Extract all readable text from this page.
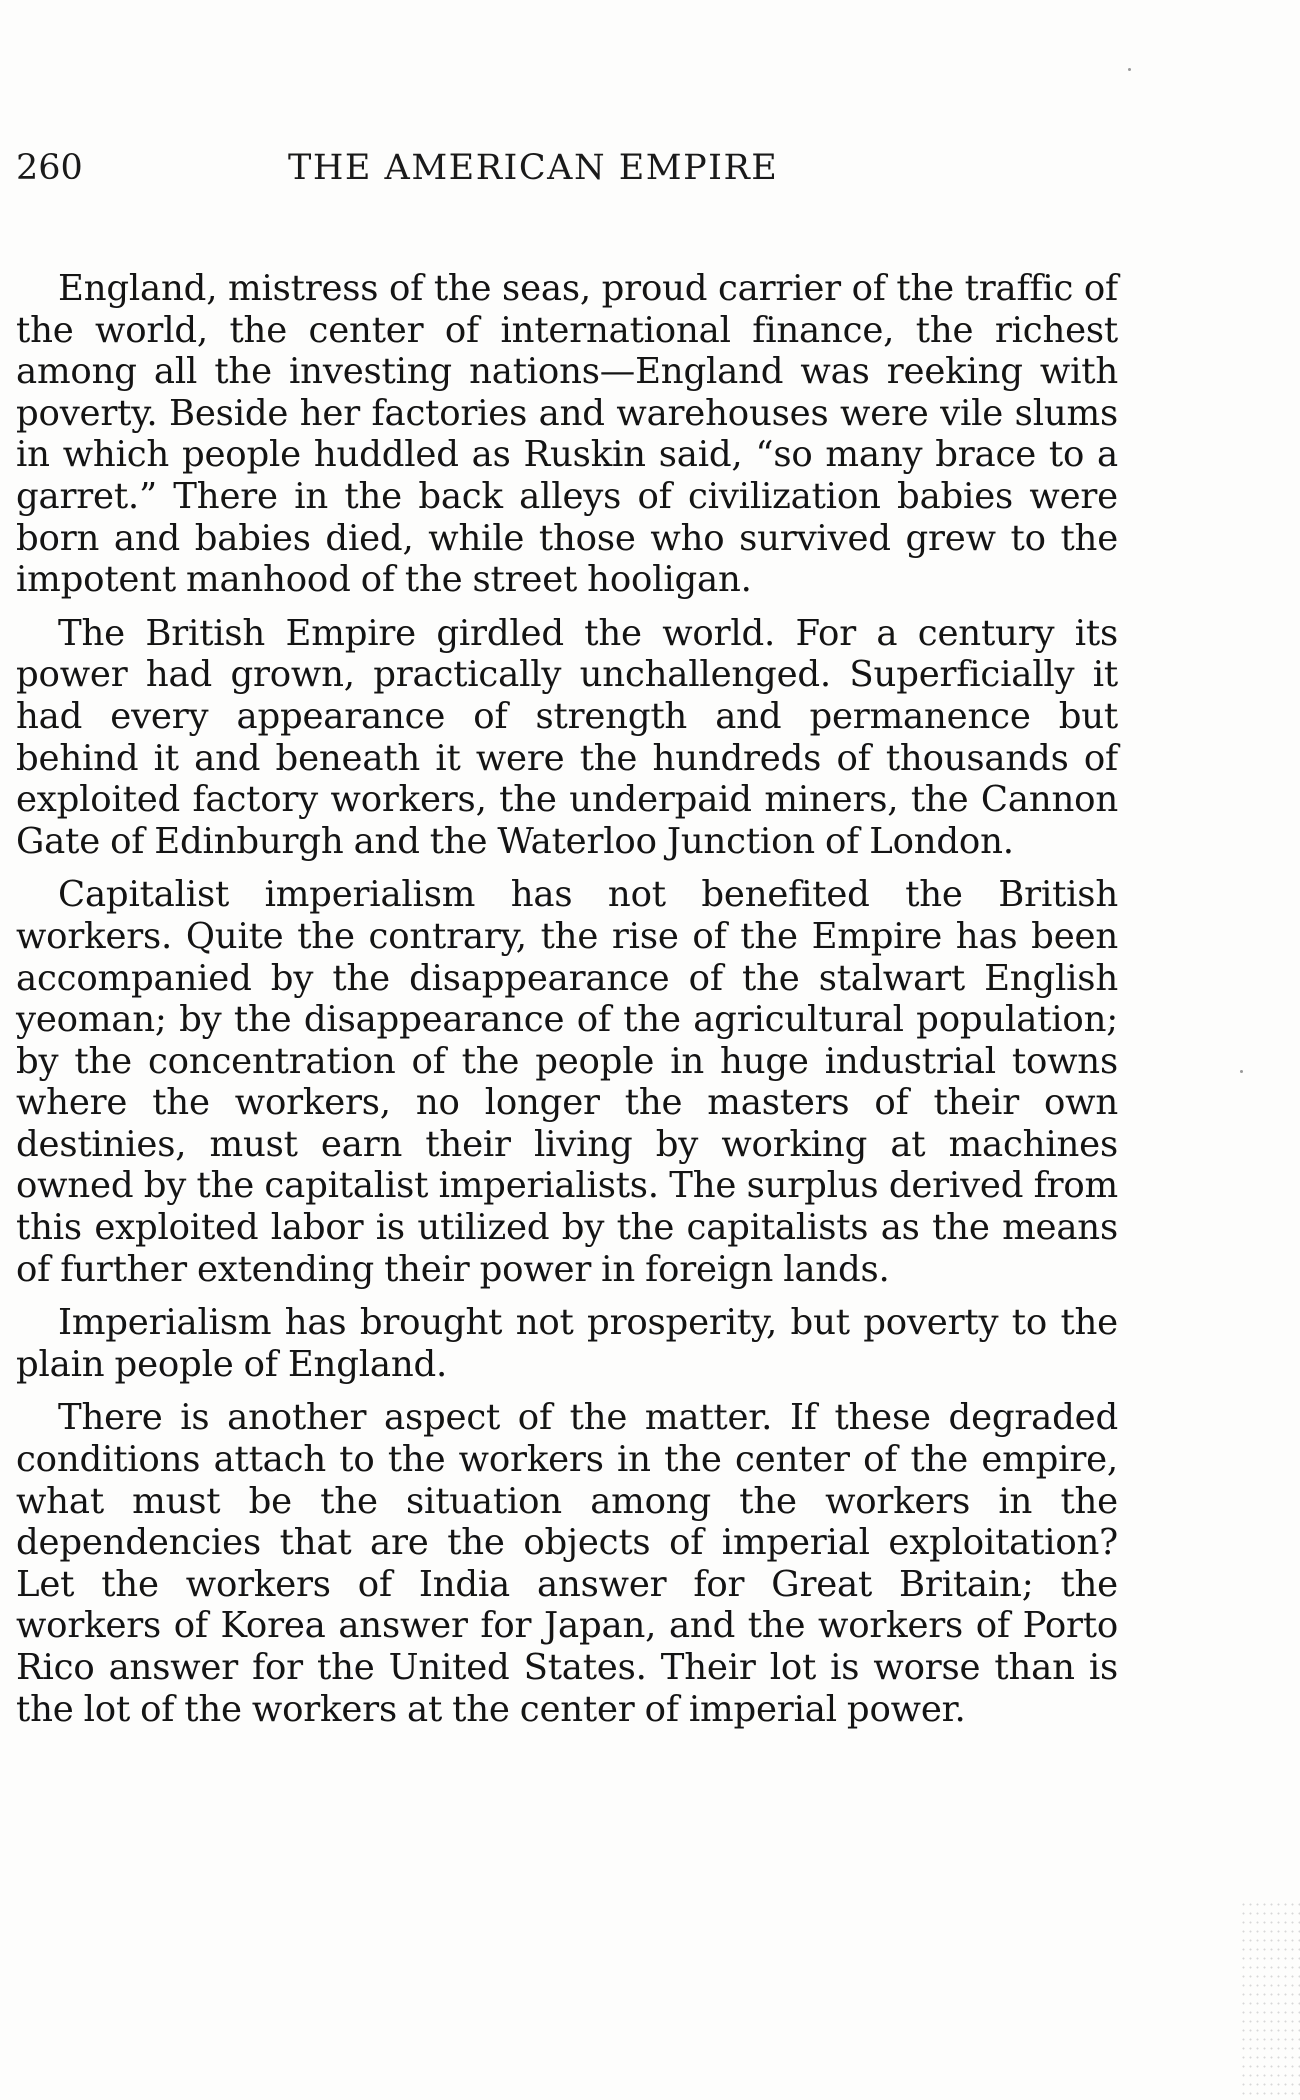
260	THE AMERICAN EMPIRE

England, mistress of the seas, proud carrier of the traffic of the world, the center of international finance, the richest among all the investing nations—England was reeking with poverty. Beside her factories and warehouses were vile slums in which people huddled as Ruskin said, “so many brace to a garret.” There in the back alleys of civilization babies were born and babies died, while those who survived grew to the impotent manhood of the street hooligan.

The British Empire girdled the world. For a century its power had grown, practically unchallenged. Superficially it had every appearance of strength and permanence but behind it and beneath it were the hundreds of thousands of exploited factory workers, the underpaid miners, the Cannon Gate of Edinburgh and the Waterloo Junction of London.

Capitalist imperialism has not benefited the British workers. Quite the contrary, the rise of the Empire has been accompanied by the disappearance of the stalwart English yeoman; by the disappearance of the agricultural population; by the concentration of the people in huge industrial towns where the workers, no longer the masters of their own destinies, must earn their living by working at machines owned by the capitalist imperialists. The surplus derived from this exploited labor is utilized by the capitalists as the means of further extending their power in foreign lands.

Imperialism has brought not prosperity, but poverty to the plain people of England.

There is another aspect of the matter. If these degraded conditions attach to the workers in the center of the empire, what must be the situation among the workers in the dependencies that are the objects of imperial exploitation? Let the workers of India answer for Great Britain; the workers of Korea answer for Japan, and the workers of Porto Rico answer for the United States. Their lot is worse than is the lot of the workers at the center of imperial power.
